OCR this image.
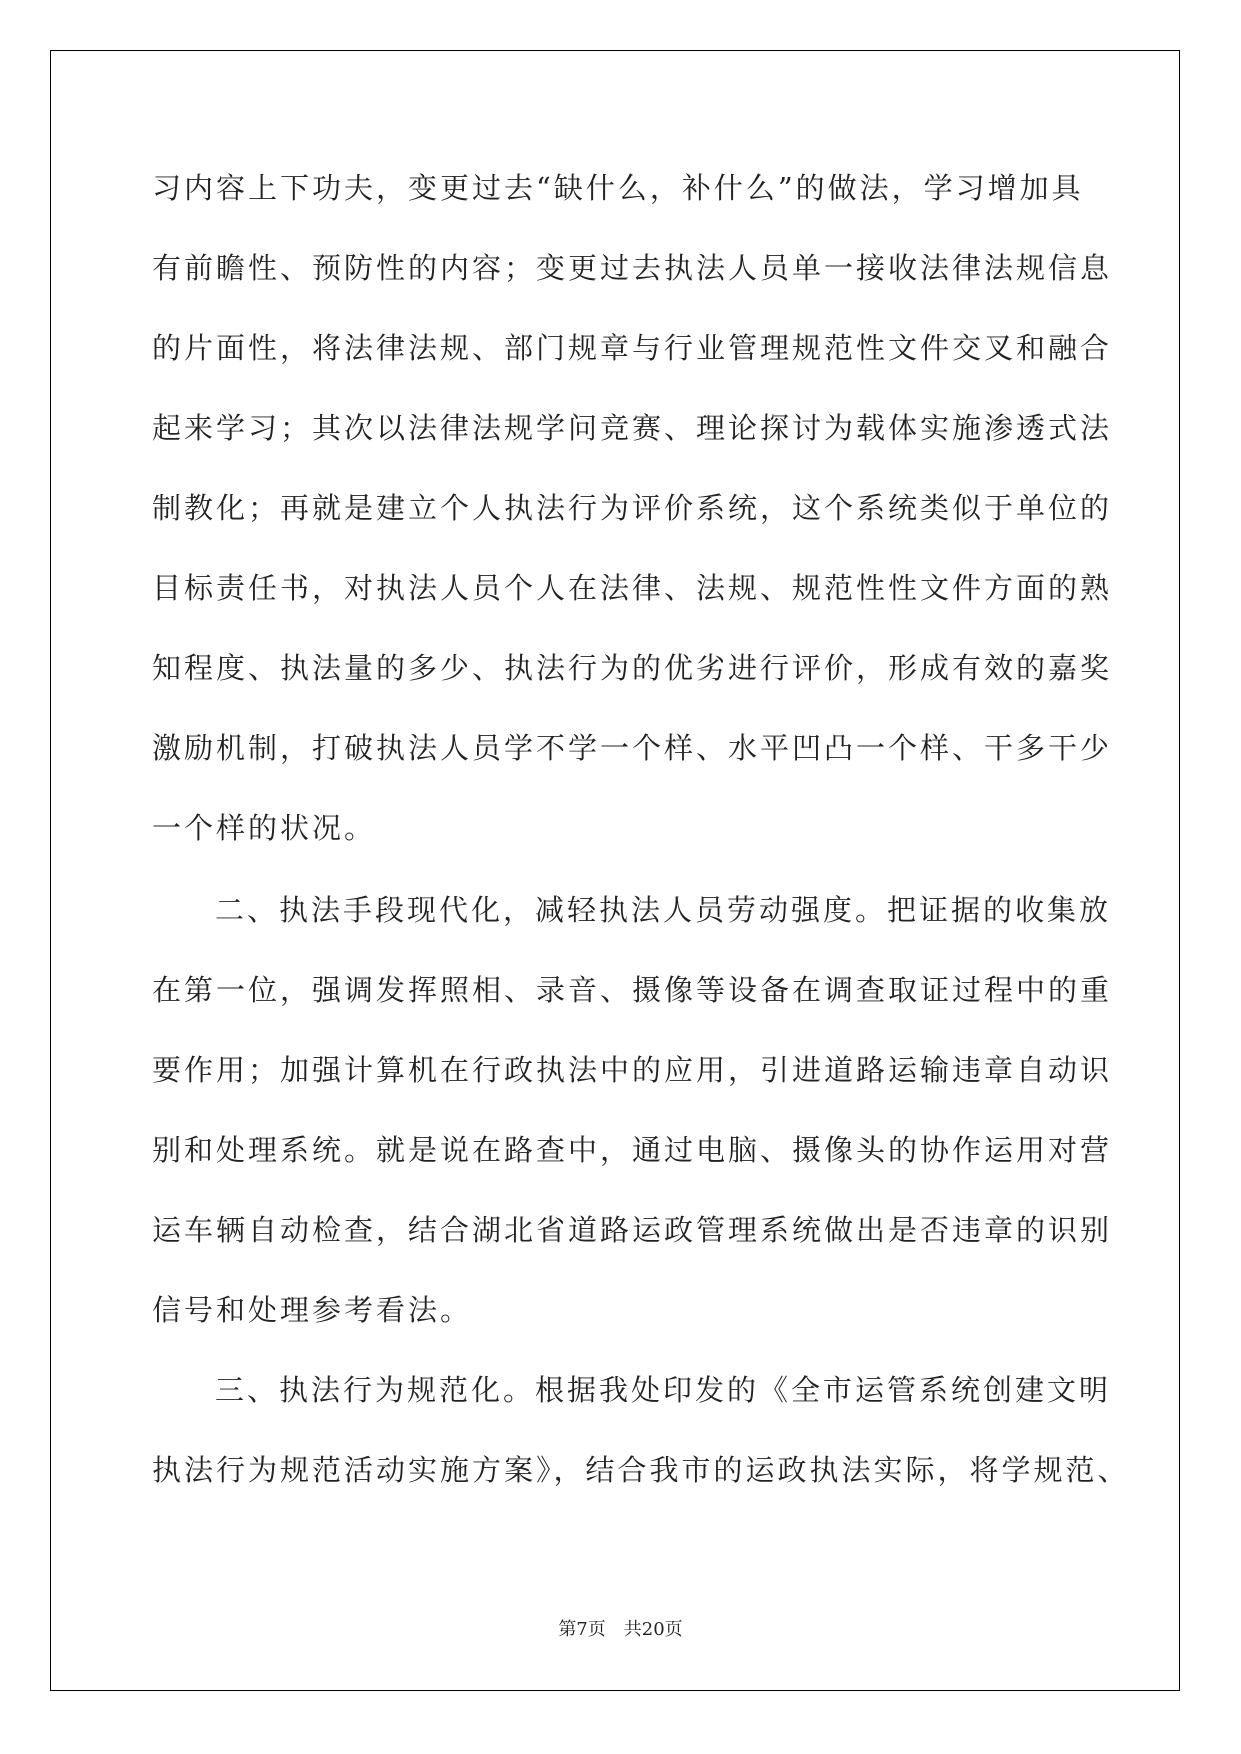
习内容上下功夫，变更过去“缺什么，补什么”的做法，学习增加具
有前瞻性、预防性的内容；变更过去执法人员单一接收法律法规信息
的片面性，将法律法规、部门规章与行业管理规范性文件交叉和融合
起来学习；其次以法律法规学问竞赛、理论探讨为载体实施渗透式法
制教化；再就是建立个人执法行为评价系统，这个系统类似于单位的
目标责任书，对执法人员个人在法律、法规、规范性性文件方面的熟
知程度、执法量的多少、执法行为的优劣进行评价，形成有效的嘉奖
激励机制，打破执法人员学不学一个样、水平凹凸一个样、干多干少
一个样的状况。
二、执法手段现代化，减轻执法人员劳动强度。把证据的收集放
在第一位，强调发挥照相、录音、摄像等设备在调查取证过程中的重
要作用；加强计算机在行政执法中的应用，引进道路运输违章自动识
别和处理系统。就是说在路查中，通过电脑、摄像头的协作运用对营
运车辆自动检查，结合湖北省道路运政管理系统做出是否违章的识别
信号和处理参考看法。
三、执法行为规范化。根据我处印发的《全市运管系统创建文明
执法行为规范活动实施方案》，结合我市的运政执法实际，将学规范、
第7页　共20页
